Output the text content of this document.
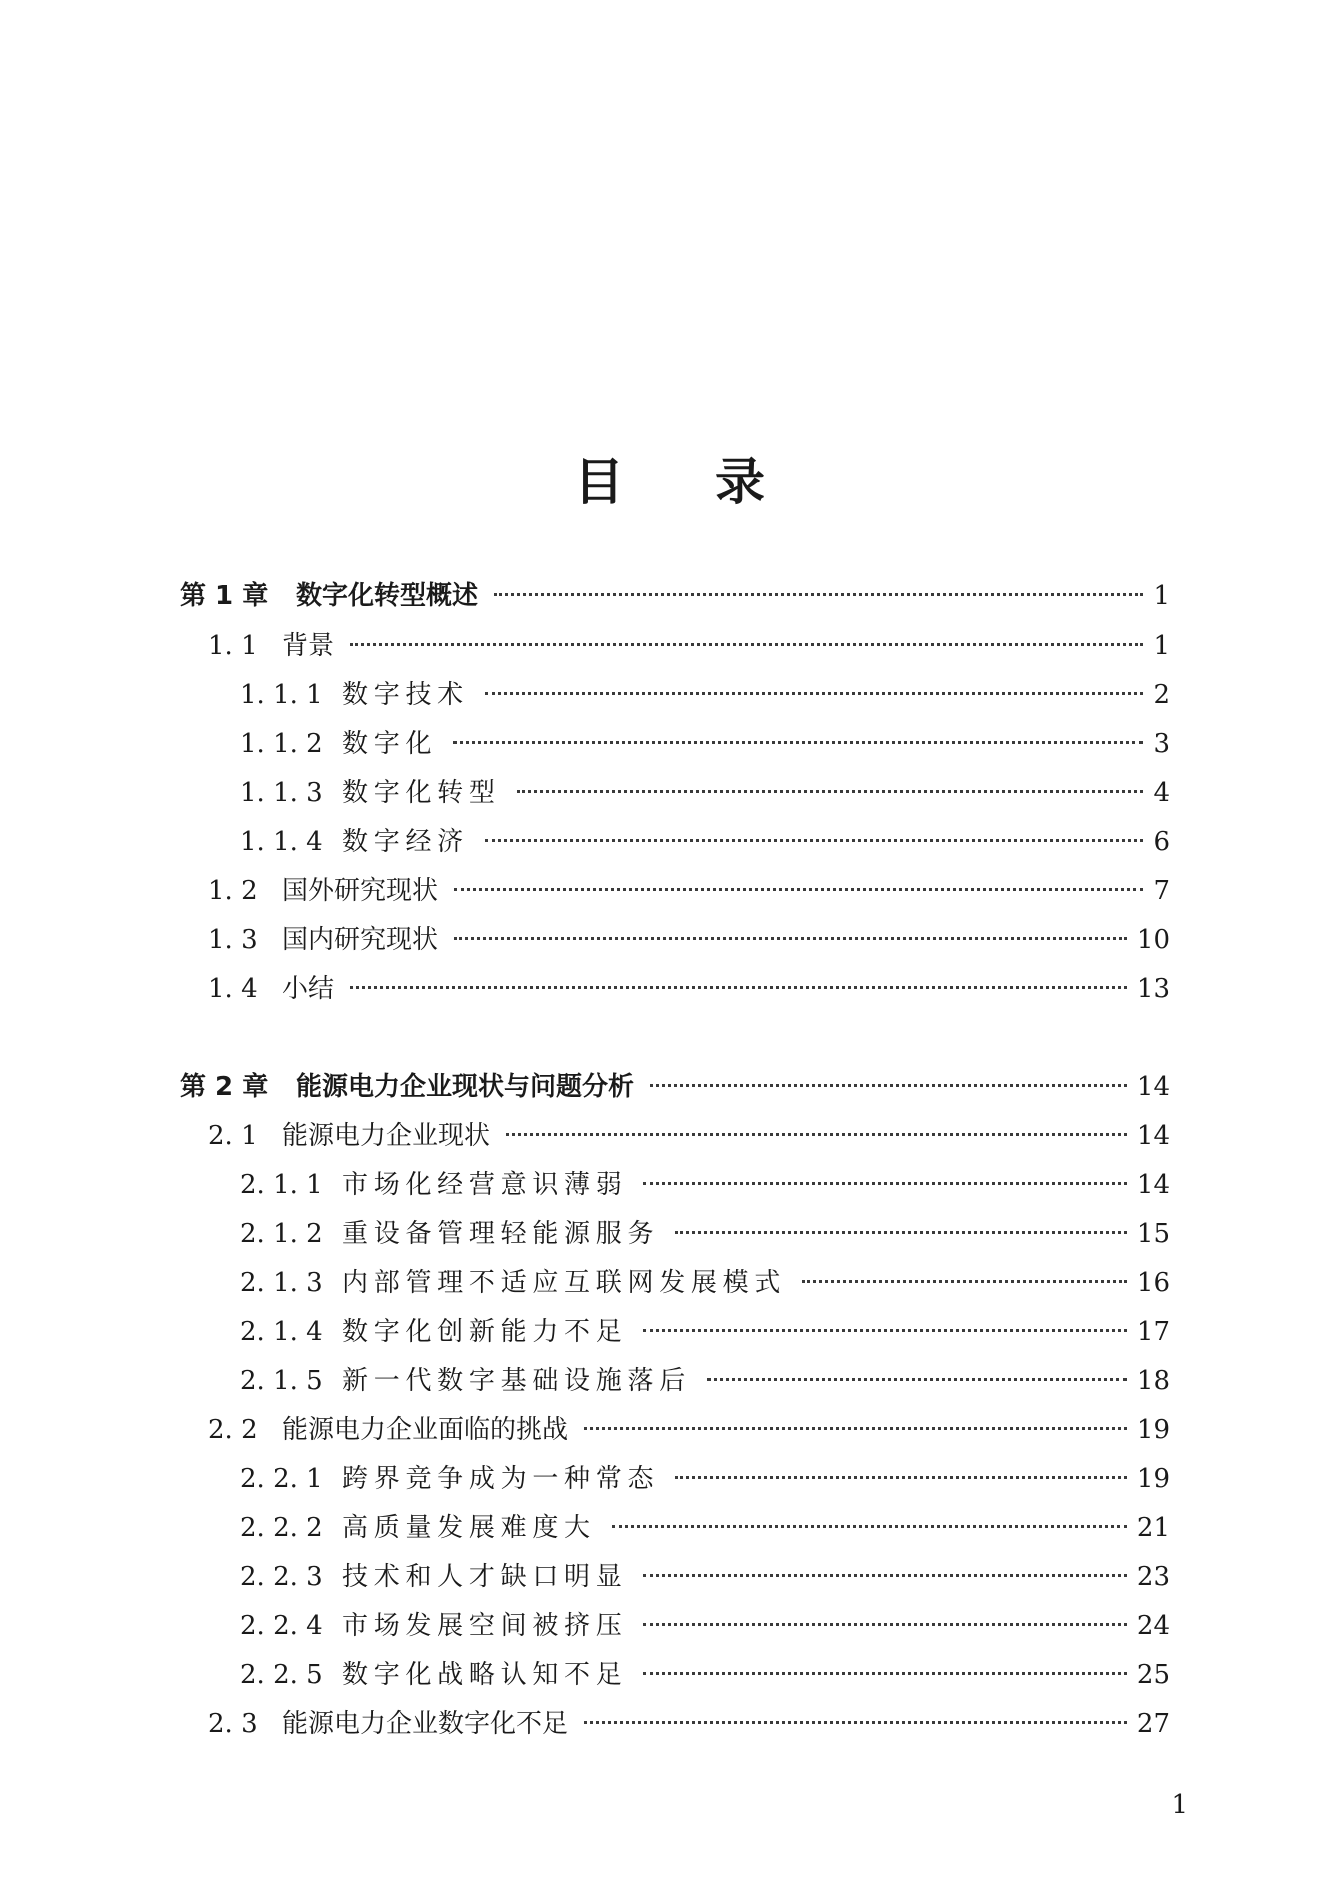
目 录
第 1 章	数字化转型概述	1
1. 1 背景	1
1. 1. 1 数字技术	2
1. 1. 2 数字化	3
1. 1. 3 数字化转型	4
1. 1. 4 数字经济	6
1. 2 国外研究现状	7
1. 3 国内研究现状	10
1. 4 小结	13
第 2 章	能源电力企业现状与问题分析	14
2. 1 能源电力企业现状	14
2. 1. 1 市场化经营意识薄弱	14
2. 1. 2 重设备管理轻能源服务	15
2. 1. 3 内部管理不适应互联网发展模式	16
2. 1. 4 数字化创新能力不足	17
2. 1. 5 新一代数字基础设施落后	18
2. 2 能源电力企业面临的挑战	19
2. 2. 1 跨界竞争成为一种常态	19
2. 2. 2 高质量发展难度大	21
2. 2. 3 技术和人才缺口明显	23
2. 2. 4 市场发展空间被挤压	24
2. 2. 5 数字化战略认知不足	25
2. 3 能源电力企业数字化不足	27
1
